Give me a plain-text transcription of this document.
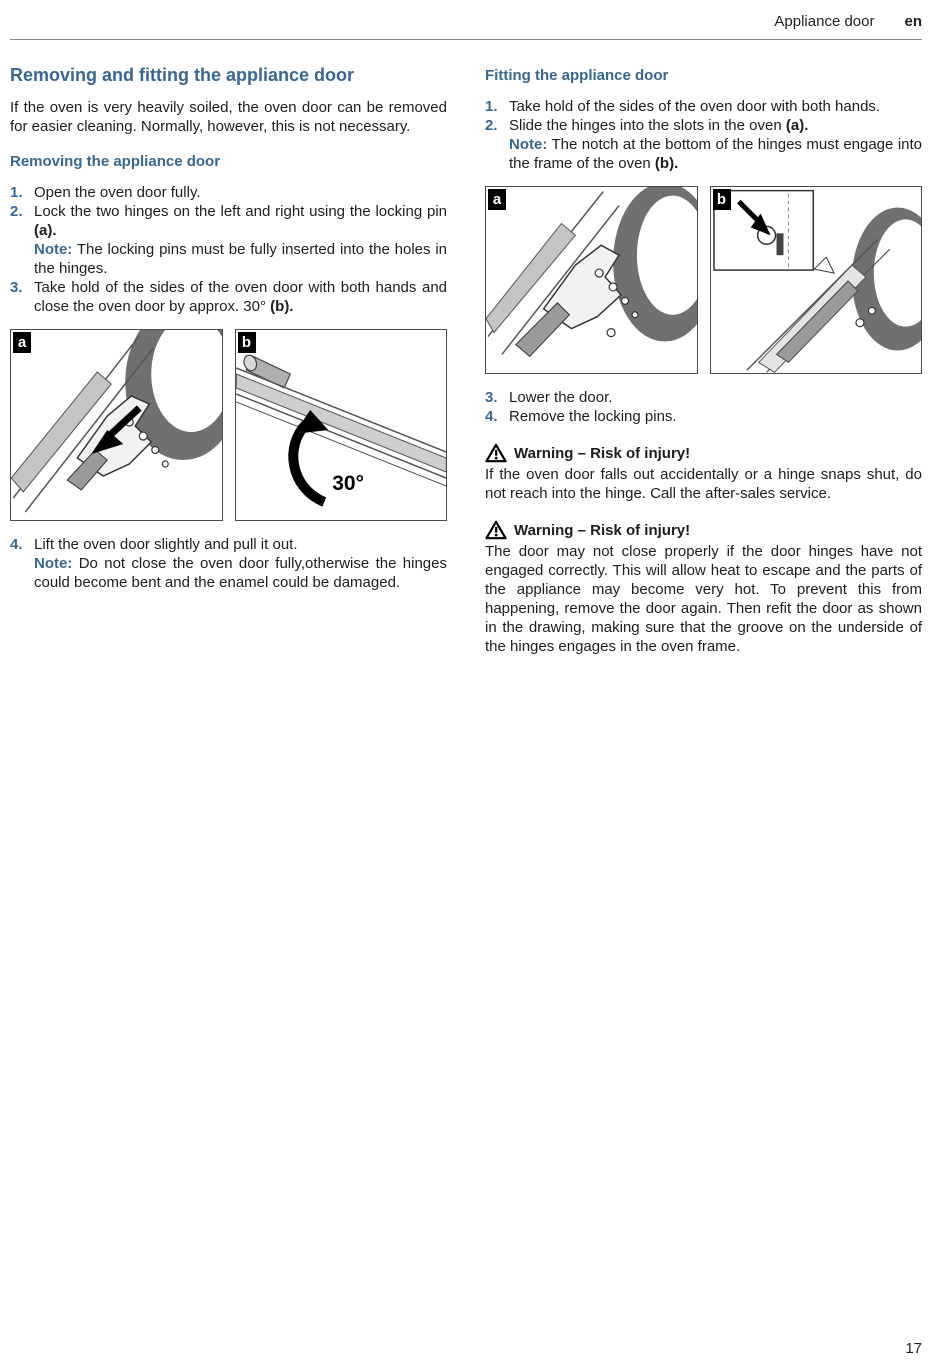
Appliance door en
Removing and fitting the appliance door

If the oven is very heavily soiled, the oven door can be removed for easier cleaning. Normally, however, this is not necessary.

Removing the appliance door
1. Open the oven door fully.
2. Lock the two hinges on the left and right using the locking pin (a).
Note: The locking pins must be fully inserted into the holes in the hinges.
3. Take hold of the sides of the oven door with both hands and close the oven door by approx. 30° (b).
a	b
30°
4. Lift the oven door slightly and pull it out.
Note: Do not close the oven door fully,otherwise the hinges could become bent and the enamel could be damaged.
Fitting the appliance door
1. Take hold of the sides of the oven door with both hands.
2. Slide the hinges into the slots in the oven (a).
Note: The notch at the bottom of the hinges must engage into the frame of the oven (b).
a	b
3. Lower the door.
4. Remove the locking pins.
Warning – Risk of injury!

If the oven door falls out accidentally or a hinge snaps shut, do not reach into the hinge. Call the after-sales service.

Warning – Risk of injury!

The door may not close properly if the door hinges have not engaged correctly. This will allow heat to escape and the parts of the appliance may become very hot. To prevent this from happening, remove the door again. Then refit the door as shown in the drawing, making sure that the groove on the underside of the hinges engages in the oven frame.

17
